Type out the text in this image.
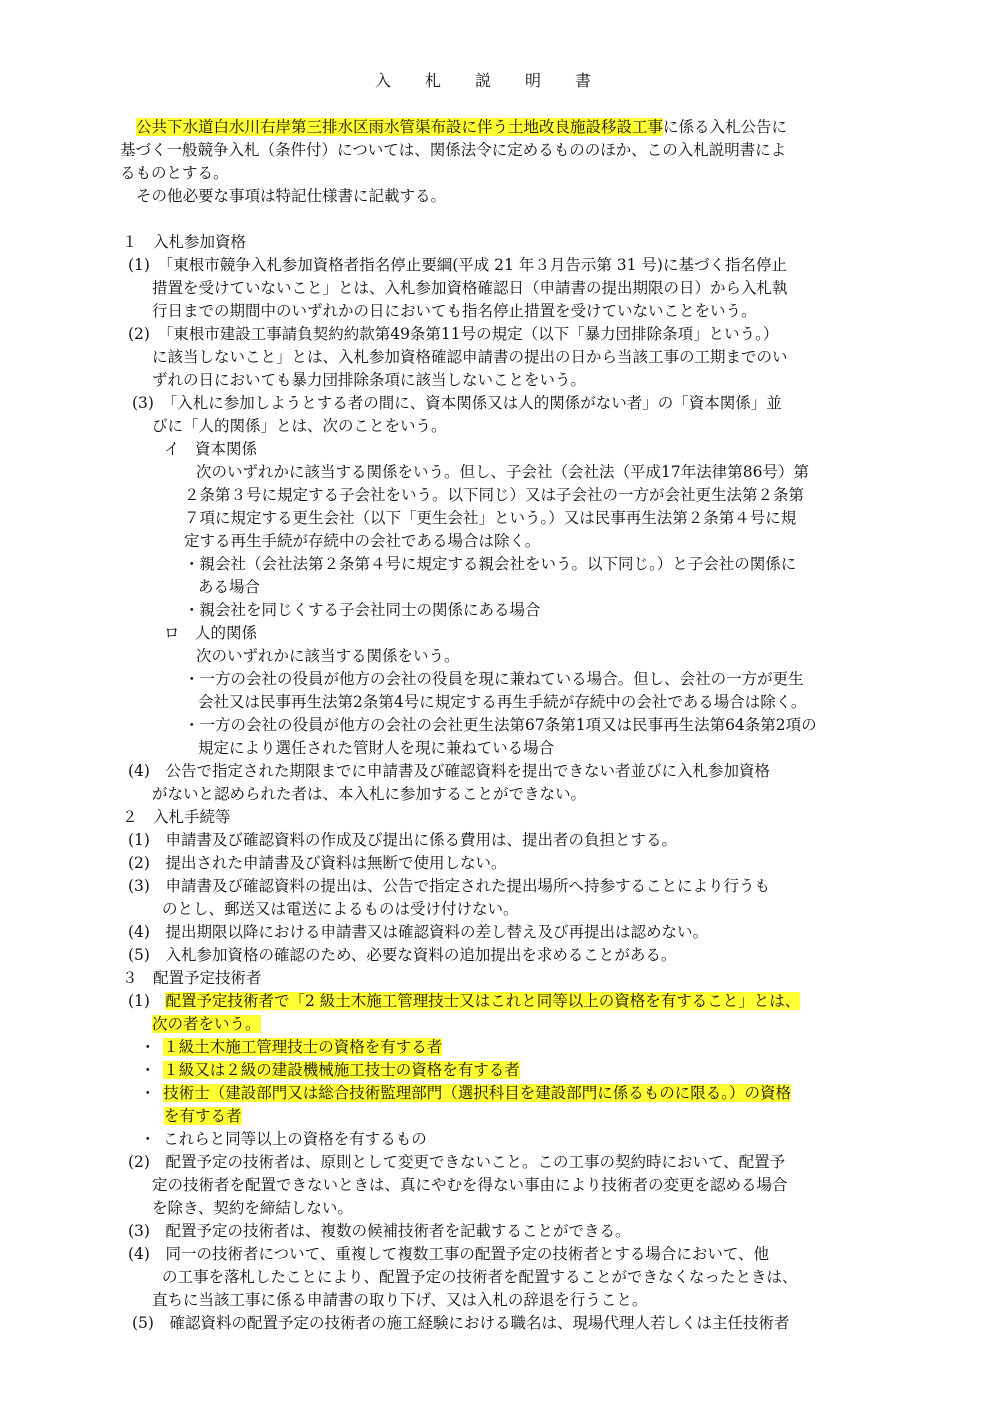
入札説明書
公共下水道白水川右岸第三排水区雨水管渠布設に伴う土地改良施設移設工事に係る入札公告に
基づく一般競争入札（条件付）については、関係法令に定めるもののほか、この入札説明書によ
るものとする。
その他必要な事項は特記仕様書に記載する。
１　入札参加資格
(1)　「東根市競争入札参加資格者指名停止要綱(平成 21 年３月告示第 31 号)に基づく指名停止
措置を受けていないこと」とは、入札参加資格確認日（申請書の提出期限の日）から入札執
行日までの期間中のいずれかの日においても指名停止措置を受けていないことをいう。
(2)　「東根市建設工事請負契約約款第49条第11号の規定（以下「暴力団排除条項」という。）
に該当しないこと」とは、入札参加資格確認申請書の提出の日から当該工事の工期までのい
ずれの日においても暴力団排除条項に該当しないことをいう。
(3)　「入札に参加しようとする者の間に、資本関係又は人的関係がない者」の「資本関係」並
びに「人的関係」とは、次のことをいう。
イ　資本関係
次のいずれかに該当する関係をいう。但し、子会社（会社法（平成17年法律第86号）第
２条第３号に規定する子会社をいう。以下同じ）又は子会社の一方が会社更生法第２条第
７項に規定する更生会社（以下「更生会社」という。）又は民事再生法第２条第４号に規
定する再生手続が存続中の会社である場合は除く。
・親会社（会社法第２条第４号に規定する親会社をいう。以下同じ。）と子会社の関係に
ある場合
・親会社を同じくする子会社同士の関係にある場合
ロ　人的関係
次のいずれかに該当する関係をいう。
・一方の会社の役員が他方の会社の役員を現に兼ねている場合。但し、会社の一方が更生
会社又は民事再生法第2条第4号に規定する再生手続が存続中の会社である場合は除く。
・一方の会社の役員が他方の会社の会社更生法第67条第1項又は民事再生法第64条第2項の
規定により選任された管財人を現に兼ねている場合
(4)　公告で指定された期限までに申請書及び確認資料を提出できない者並びに入札参加資格
がないと認められた者は、本入札に参加することができない。
２　入札手続等
(1)　申請書及び確認資料の作成及び提出に係る費用は、提出者の負担とする。
(2)　提出された申請書及び資料は無断で使用しない。
(3)　申請書及び確認資料の提出は、公告で指定された提出場所へ持参することにより行うも
のとし、郵送又は電送によるものは受け付けない。
(4)　提出期限以降における申請書又は確認資料の差し替え及び再提出は認めない。
(5)　入札参加資格の確認のため、必要な資料の追加提出を求めることがある。
３　配置予定技術者
(1)　 配置予定技術者で「2 級土木施工管理技士又はこれと同等以上の資格を有すること」とは、
次の者をいう。
・  １級土木施工管理技士の資格を有する者
・  １級又は２級の建設機械施工技士の資格を有する者
・  技術士（建設部門又は総合技術監理部門（選択科目を建設部門に係るものに限る。）の資格
を有する者
・  これらと同等以上の資格を有するもの
(2)　配置予定の技術者は、原則として変更できないこと。この工事の契約時において、配置予
定の技術者を配置できないときは、真にやむを得ない事由により技術者の変更を認める場合
を除き、契約を締結しない。
(3)　配置予定の技術者は、複数の候補技術者を記載することができる。
(4)　同一の技術者について、重複して複数工事の配置予定の技術者とする場合において、他
の工事を落札したことにより、配置予定の技術者を配置することができなくなったときは、
直ちに当該工事に係る申請書の取り下げ、又は入札の辞退を行うこと。
(5)　確認資料の配置予定の技術者の施工経験における職名は、現場代理人若しくは主任技術者
